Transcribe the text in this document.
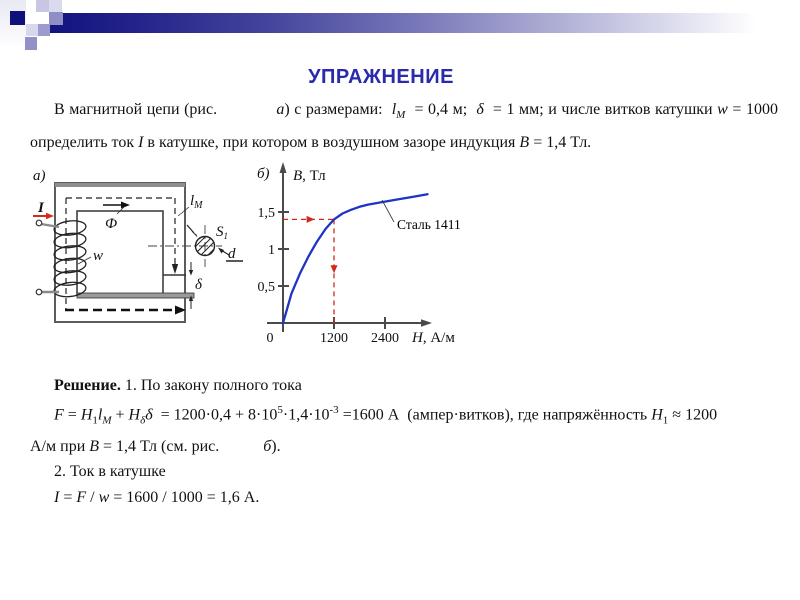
УПРАЖНЕНИЕ
В магнитной цепи (рис.             а) с размерами:  $l_M = 0,4$ м;  δ  = 1 мм; и числе витков катушки w = 1000 определить ток I в катушке, при котором в воздушном зазоре индукция B = 1,4 Тл.
а)
Ф
I
w
$l_M$
$S_1$
d
δ
б) B, Тл
H, А/м
0	1200 2400
0,5
1
1,5
Сталь 1411

Решение. 1. По закону полного тока

$F = H_1l_M + H_\delta\delta = 1200\cdot 0,4 + 8\cdot 10^5\cdot 1,4\cdot 10^{-3} =1600$ А  (ампер·витков), где напряжённость $H_1 \approx 1200$

А/м при B = 1,4 Тл (см. рис.           б).

2. Ток в катушке

I = F / w = 1600 / 1000 = 1,6 А.
